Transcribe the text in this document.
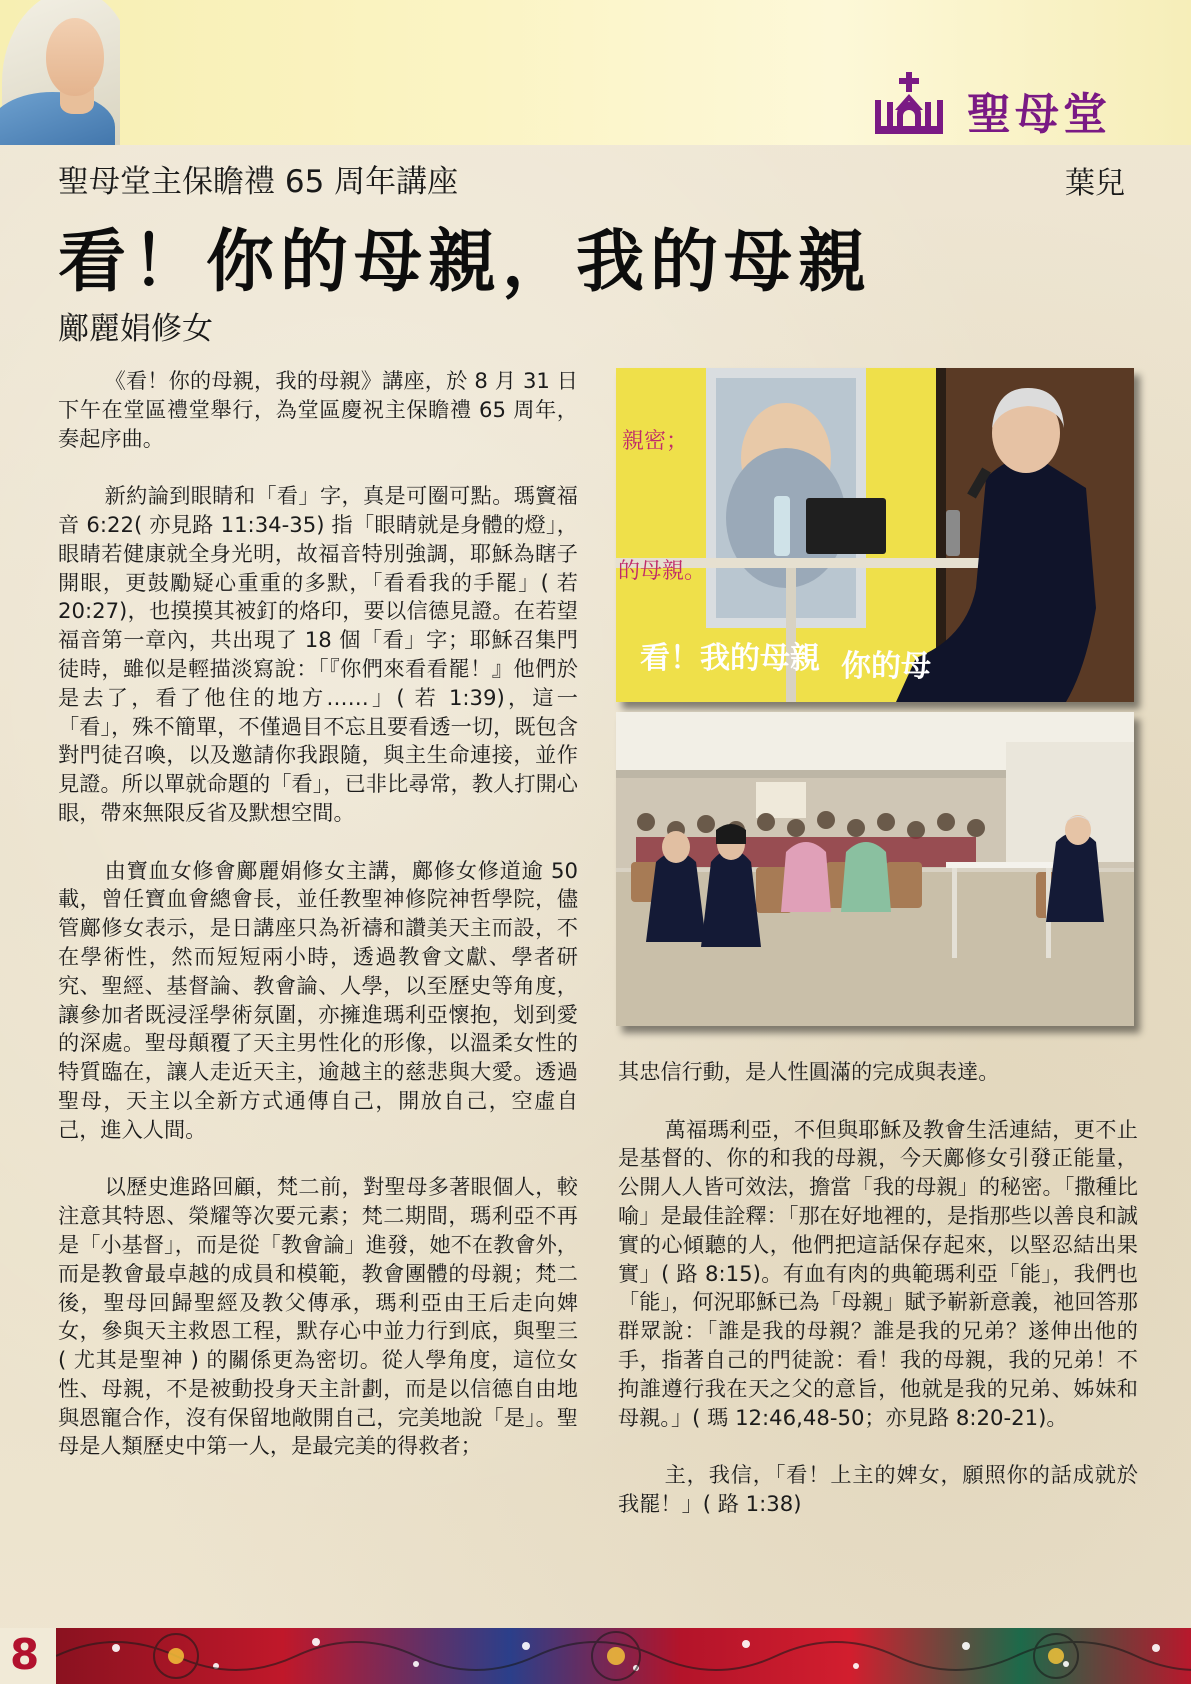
聖母堂
聖母堂主保瞻禮 65 周年講座	葉兒
看！你的母親，我的母親
鄺麗娟修女

《看！你的母親，我的母親》講座，於 8 月 31 日下午在堂區禮堂舉行，為堂區慶祝主保瞻禮 65 周年，奏起序曲。

新約論到眼睛和「看」字，真是可圈可點。瑪竇福音 6:22( 亦見路 11:34-35) 指「眼睛就是身體的燈」，眼睛若健康就全身光明，故福音特別強調，耶穌為瞎子開眼，更鼓勵疑心重重的多默，「看看我的手罷」( 若 20:27)，也摸摸其被釘的烙印，要以信德見證。在若望福音第一章內，共出現了 18 個「看」字；耶穌召集門徒時，雖似是輕描淡寫說：「『你們來看看罷！』他們於是去了，看了他住的地方……」( 若 1:39)，這一「看」，殊不簡單，不僅過目不忘且要看透一切，既包含對門徒召喚，以及邀請你我跟隨，與主生命連接，並作見證。所以單就命題的「看」，已非比尋常，教人打開心眼，帶來無限反省及默想空間。

由寶血女修會鄺麗娟修女主講，鄺修女修道逾 50 載，曾任寶血會總會長，並任教聖神修院神哲學院，儘管鄺修女表示，是日講座只為祈禱和讚美天主而設，不在學術性，然而短短兩小時，透過教會文獻、學者研究、聖經、基督論、教會論、人學，以至歷史等角度，讓參加者既浸淫學術氛圍，亦擁進瑪利亞懷抱，划到愛的深處。聖母顛覆了天主男性化的形像，以溫柔女性的特質臨在，讓人走近天主，逾越主的慈悲與大愛。透過聖母，天主以全新方式通傳自己，開放自己，空虛自己，進入人間。

以歷史進路回顧，梵二前，對聖母多著眼個人，較注意其特恩、榮耀等次要元素；梵二期間，瑪利亞不再是「小基督」，而是從「教會論」進發，她不在教會外，而是教會最卓越的成員和模範，教會團體的母親；梵二後，聖母回歸聖經及教父傳承，瑪利亞由王后走向婢女，參與天主救恩工程，默存心中並力行到底，與聖三 ( 尤其是聖神 ) 的關係更為密切。從人學角度，這位女性、母親，不是被動投身天主計劃，而是以信德自由地與恩寵合作，沒有保留地敞開自己，完美地說「是」。聖母是人類歷史中第一人，是最完美的得救者；

親密；
的母親。
看！我的母親 你的母

其忠信行動，是人性圓滿的完成與表達。

萬福瑪利亞，不但與耶穌及教會生活連結，更不止是基督的、你的和我的母親，今天鄺修女引發正能量，公開人人皆可效法，擔當「我的母親」的秘密。「撒種比喻」是最佳詮釋：「那在好地裡的，是指那些以善良和誠實的心傾聽的人，他們把這話保存起來，以堅忍結出果實」( 路 8:15)。有血有肉的典範瑪利亞「能」，我們也「能」，何況耶穌已為「母親」賦予嶄新意義，祂回答那群眾說：「誰是我的母親？誰是我的兄弟？遂伸出他的手，指著自己的門徒說：看！我的母親，我的兄弟！不拘誰遵行我在天之父的意旨，他就是我的兄弟、姊妹和母親。」( 瑪 12:46,48-50；亦見路 8:20-21)。

主，我信，「看！上主的婢女，願照你的話成就於我罷！」( 路 1:38)

8
